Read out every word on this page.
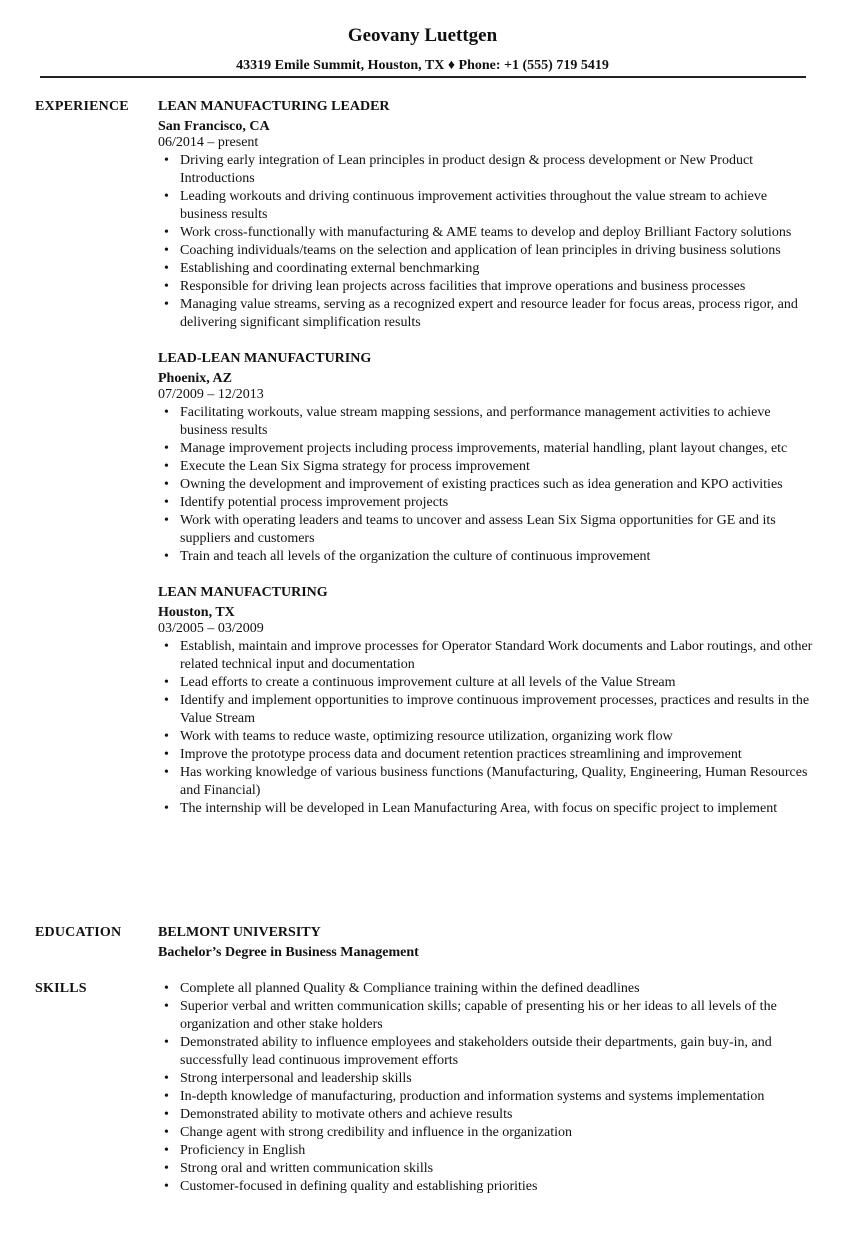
Geovany Luettgen
43319 Emile Summit, Houston, TX ♦ Phone: +1 (555) 719 5419
EXPERIENCE LEAN MANUFACTURING LEADER
San Francisco, CA
06/2014 – present
• Driving early integration of Lean principles in product design & process development or New Product Introductions
• Leading workouts and driving continuous improvement activities throughout the value stream to achieve business results
• Work cross-functionally with manufacturing & AME teams to develop and deploy Brilliant Factory solutions
• Coaching individuals/teams on the selection and application of lean principles in driving business solutions
• Establishing and coordinating external benchmarking
• Responsible for driving lean projects across facilities that improve operations and business processes
• Managing value streams, serving as a recognized expert and resource leader for focus areas, process rigor, and delivering significant simplification results
LEAD-LEAN MANUFACTURING
Phoenix, AZ
07/2009 – 12/2013
• Facilitating workouts, value stream mapping sessions, and performance management activities to achieve business results
• Manage improvement projects including process improvements, material handling, plant layout changes, etc
• Execute the Lean Six Sigma strategy for process improvement
• Owning the development and improvement of existing practices such as idea generation and KPO activities
• Identify potential process improvement projects
• Work with operating leaders and teams to uncover and assess Lean Six Sigma opportunities for GE and its suppliers and customers
• Train and teach all levels of the organization the culture of continuous improvement
LEAN MANUFACTURING
Houston, TX
03/2005 – 03/2009
• Establish, maintain and improve processes for Operator Standard Work documents and Labor routings, and other related technical input and documentation
• Lead efforts to create a continuous improvement culture at all levels of the Value Stream
• Identify and implement opportunities to improve continuous improvement processes, practices and results in the Value Stream
• Work with teams to reduce waste, optimizing resource utilization, organizing work flow
• Improve the prototype process data and document retention practices streamlining and improvement
• Has working knowledge of various business functions (Manufacturing, Quality, Engineering, Human Resources and Financial)
• The internship will be developed in Lean Manufacturing Area, with focus on specific project to implement
EDUCATION	BELMONT UNIVERSITY
Bachelor’s Degree in Business Management
SKILLS
•	Complete all planned Quality & Compliance training within the defined deadlines
• Superior verbal and written communication skills; capable of presenting his or her ideas to all levels of the organization and other stake holders
• Demonstrated ability to influence employees and stakeholders outside their departments, gain buy-in, and successfully lead continuous improvement efforts
• Strong interpersonal and leadership skills
• In-depth knowledge of manufacturing, production and information systems and systems implementation
• Demonstrated ability to motivate others and achieve results
• Change agent with strong credibility and influence in the organization
• Proficiency in English
• Strong oral and written communication skills
• Customer-focused in defining quality and establishing priorities
